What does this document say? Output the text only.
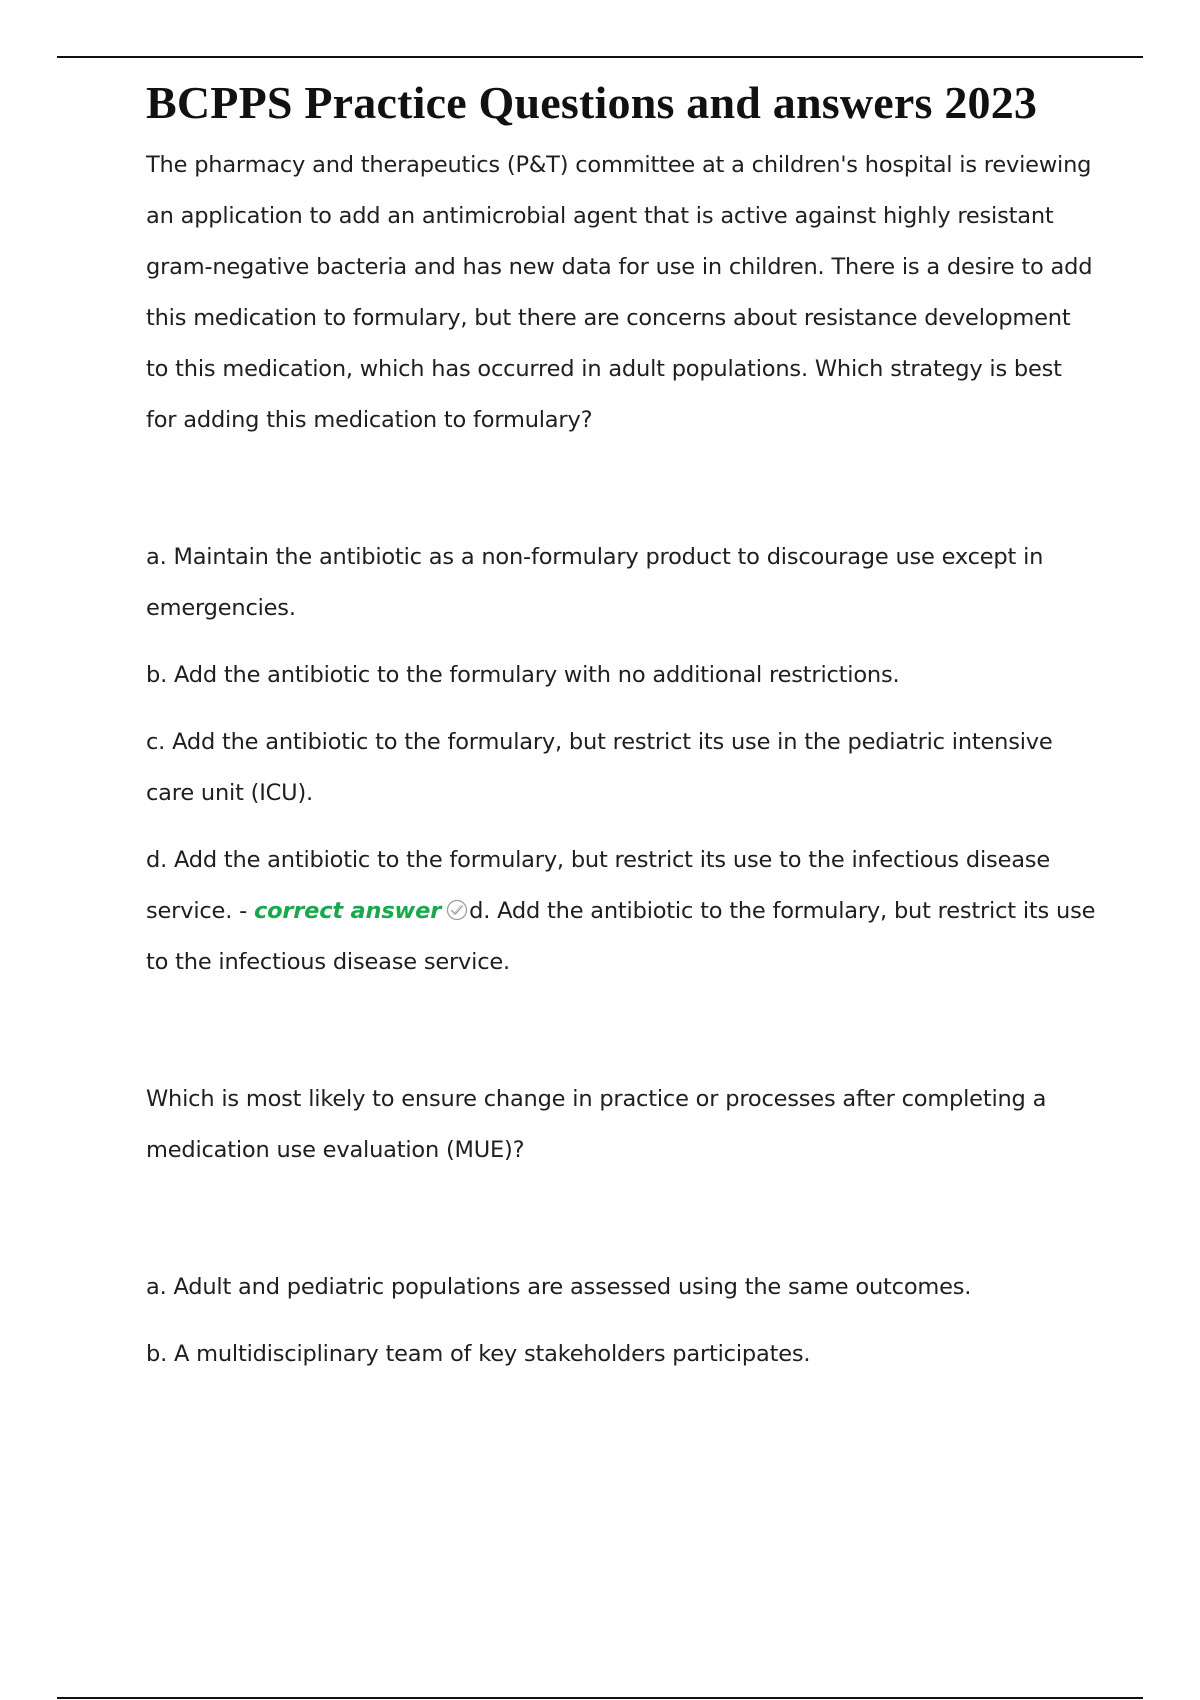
BCPPS Practice Questions and answers 2023

The pharmacy and therapeutics (P&T) committee at a children's hospital is reviewing an application to add an antimicrobial agent that is active against highly resistant gram-negative bacteria and has new data for use in children. There is a desire to add this medication to formulary, but there are concerns about resistance development to this medication, which has occurred in adult populations. Which strategy is best for adding this medication to formulary?

a. Maintain the antibiotic as a non-formulary product to discourage use except in emergencies.

b. Add the antibiotic to the formulary with no additional restrictions.

c. Add the antibiotic to the formulary, but restrict its use in the pediatric intensive care unit (ICU).

d. Add the antibiotic to the formulary, but restrict its use to the infectious disease service. - correct answer d. Add the antibiotic to the formulary, but restrict its use to the infectious disease service.

Which is most likely to ensure change in practice or processes after completing a medication use evaluation (MUE)?

a. Adult and pediatric populations are assessed using the same outcomes.

b. A multidisciplinary team of key stakeholders participates.
